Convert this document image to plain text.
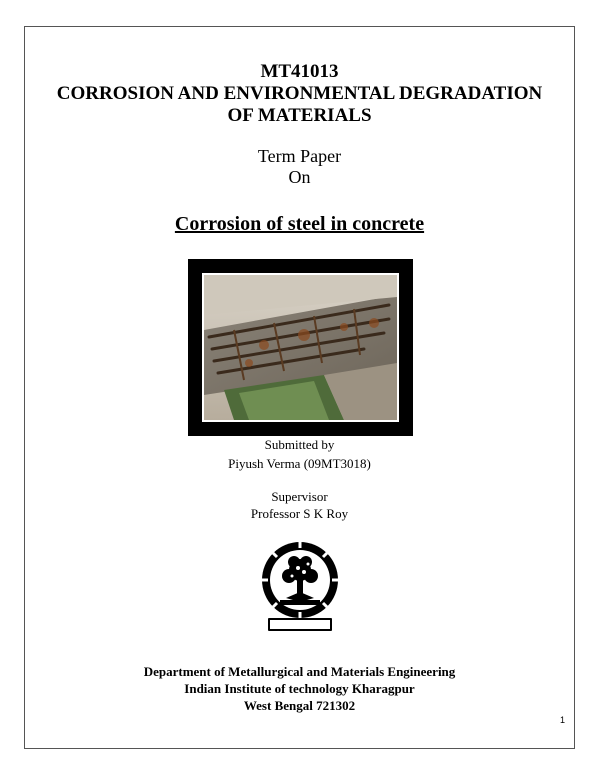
MT41013
CORROSION AND ENVIRONMENTAL DEGRADATION
OF MATERIALS
Term Paper
On
Corrosion of steel in concrete
Submitted by
Piyush Verma (09MT3018)
Supervisor
Professor S K Roy
Department of Metallurgical and Materials Engineering
Indian Institute of technology Kharagpur
West Bengal 721302
1
